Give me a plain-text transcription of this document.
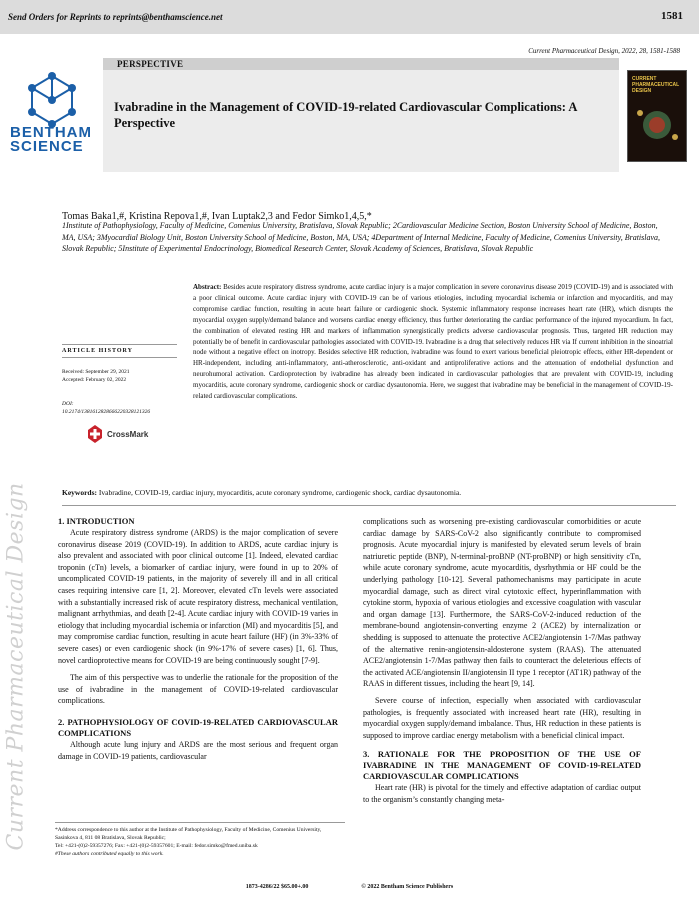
Send Orders for Reprints to reprints@benthamscience.net	1581
Current Pharmaceutical Design, 2022, 28, 1581-1588
BENTHAM
SCIENCE
PERSPECTIVE
Ivabradine in the Management of COVID-19-related Cardiovascular Complications: A Perspective
CURRENT PHARMACEUTICAL DESIGN
Tomas Baka1,#, Kristina Repova1,#, Ivan Luptak2,3 and Fedor Simko1,4,5,*
1Institute of Pathophysiology, Faculty of Medicine, Comenius University, Bratislava, Slovak Republic; 2Cardiovascular Medicine Section, Boston University School of Medicine, Boston, MA, USA; 3Myocardial Biology Unit, Boston University School of Medicine, Boston, MA, USA; 4Department of Internal Medicine, Faculty of Medicine, Comenius University, Bratislava, Slovak Republic; 5Institute of Experimental Endocrinology, Biomedical Research Center, Slovak Academy of Sciences, Bratislava, Slovak Republic
Current Pharmaceutical Design
ARTICLE HISTORY
Received: September 29, 2021
Accepted: February 02, 2022
DOI:
10.2174/1381612828666220328121326
CrossMark
Abstract: Besides acute respiratory distress syndrome, acute cardiac injury is a major complication in severe coronavirus disease 2019 (COVID-19) and is associated with a poor clinical outcome. Acute cardiac injury with COVID-19 can be of various etiologies, including myocardial ischemia or infarction and myocarditis, and may compromise cardiac function, resulting in acute heart failure or cardiogenic shock. Systemic inflammatory response increases heart rate (HR), which disrupts the myocardial oxygen supply/demand balance and worsens cardiac energy efficiency, thus further deteriorating the cardiac performance of the injured myocardium. In fact, the combination of elevated resting HR and markers of inflammation synergistically predicts adverse cardiovascular prognosis. Thus, targeted HR reduction may potentially be of benefit in cardiovascular pathologies associated with COVID-19. Ivabradine is a drug that selectively reduces HR via If current inhibition in the sinoatrial node without a negative effect on inotropy. Besides selective HR reduction, ivabradine was found to exert various beneficial pleiotropic effects, either HR-dependent or HR-independent, including anti-inflammatory, anti-atherosclerotic, anti-oxidant and antiproliferative actions and the attenuation of endothelial dysfunction and neurohumoral activation. Cardioprotection by ivabradine has already been indicated in cardiovascular pathologies that are prevalent with COVID-19, including myocarditis, acute coronary syndrome, cardiogenic shock or cardiac dysautonomia. Here, we suggest that ivabradine may be beneficial in the management of COVID-19-related cardiovascular complications.
Keywords: Ivabradine, COVID-19, cardiac injury, myocarditis, acute coronary syndrome, cardiogenic shock, cardiac dysautonomia.

1. INTRODUCTION

Acute respiratory distress syndrome (ARDS) is the major complication of severe coronavirus disease 2019 (COVID-19). In addition to ARDS, acute cardiac injury is also prevalent and associated with poor clinical outcome [1]. Indeed, elevated cardiac troponin (cTn) levels, a biomarker of cardiac injury, were found in up to 20% of uncomplicated COVID-19 patients, in the majority of severely ill and in all critical cases requiring intensive care [1, 2]. Moreover, elevated cTn levels were associated with a substantially increased risk of acute respiratory distress, mechanical ventilation, malignant arrhythmias, and death [2-4]. Acute cardiac injury with COVID-19 varies in etiology that including myocardial ischemia or infarction (MI) and myocarditis [5], and may compromise cardiac function, resulting in acute heart failure (HF) (in 3%-33% of severe cases) or even cardiogenic shock (in 9%-17% of severe cases) [1, 6]. Thus, novel cardioprotective means for COVID-19 are being continuously sought [7-9].

The aim of this perspective was to underlie the rationale for the proposition of the use of ivabradine in the management of COVID-19-related cardiovascular complications.

2. PATHOPHYSIOLOGY OF COVID-19-RELATED CARDIOVASCULAR COMPLICATIONS

Although acute lung injury and ARDS are the most serious and frequent organ damage in COVID-19 patients, cardiovascular

complications such as worsening pre-existing cardiovascular comorbidities or acute cardiac damage by SARS-CoV-2 also significantly contribute to compromised prognosis. Acute myocardial injury is manifested by elevated serum levels of brain natriuretic peptide (BNP), N-terminal-proBNP (NT-proBNP) or high sensitivity cTn, while acute coronary syndrome, acute myocarditis, dysrhythmia or HF could be the underlying pathology [10-12]. Several pathomechanisms may participate in acute myocardial damage, such as direct viral cytotoxic effect, hyperinflammation with cytokine storm, hypoxia of various etiologies and excessive coagulation with vascular and organ damage [13]. Furthermore, the SARS-CoV-2-induced reduction of the membrane-bound angiotensin-converting enzyme 2 (ACE2) by internalization or shedding is supposed to attenuate the protective ACE2/angiotensin 1-7/Mas pathway of the alternative renin-angiotensin-aldosterone system (RAAS). The attenuated ACE2/angiotensin 1-7/Mas pathway then fails to counteract the deleterious effects of the activated ACE/angiotensin II/angiotensin II type 1 receptor (AT1R) pathway of the RAAS in different tissues, including the heart [9, 14].

Severe course of infection, especially when associated with cardiovascular pathologies, is frequently associated with increased heart rate (HR), resulting in myocardial oxygen supply/demand imbalance. Thus, HR reduction in these patients is supposed to improve cardiac energy metabolism with a beneficial clinical impact.

3. RATIONALE FOR THE PROPOSITION OF THE USE OF IVABRADINE IN THE MANAGEMENT OF COVID-19-RELATED CARDIOVASCULAR COMPLICATIONS

Heart rate (HR) is pivotal for the timely and effective adaptation of cardiac output to the organism’s constantly changing meta-

*Address correspondence to this author at the Institute of Pathophysiology, Faculty of Medicine, Comenius University, Sasinkova 4, 811 08 Bratislava, Slovak Republic;
Tel: +421-(0)2-59357276; Fax: +421-(0)2-59357601; E-mail: fedor.simko@fmed.uniba.sk
#These authors contributed equally to this work.
1873-4286/22 $65.00+.00	© 2022 Bentham Science Publishers
